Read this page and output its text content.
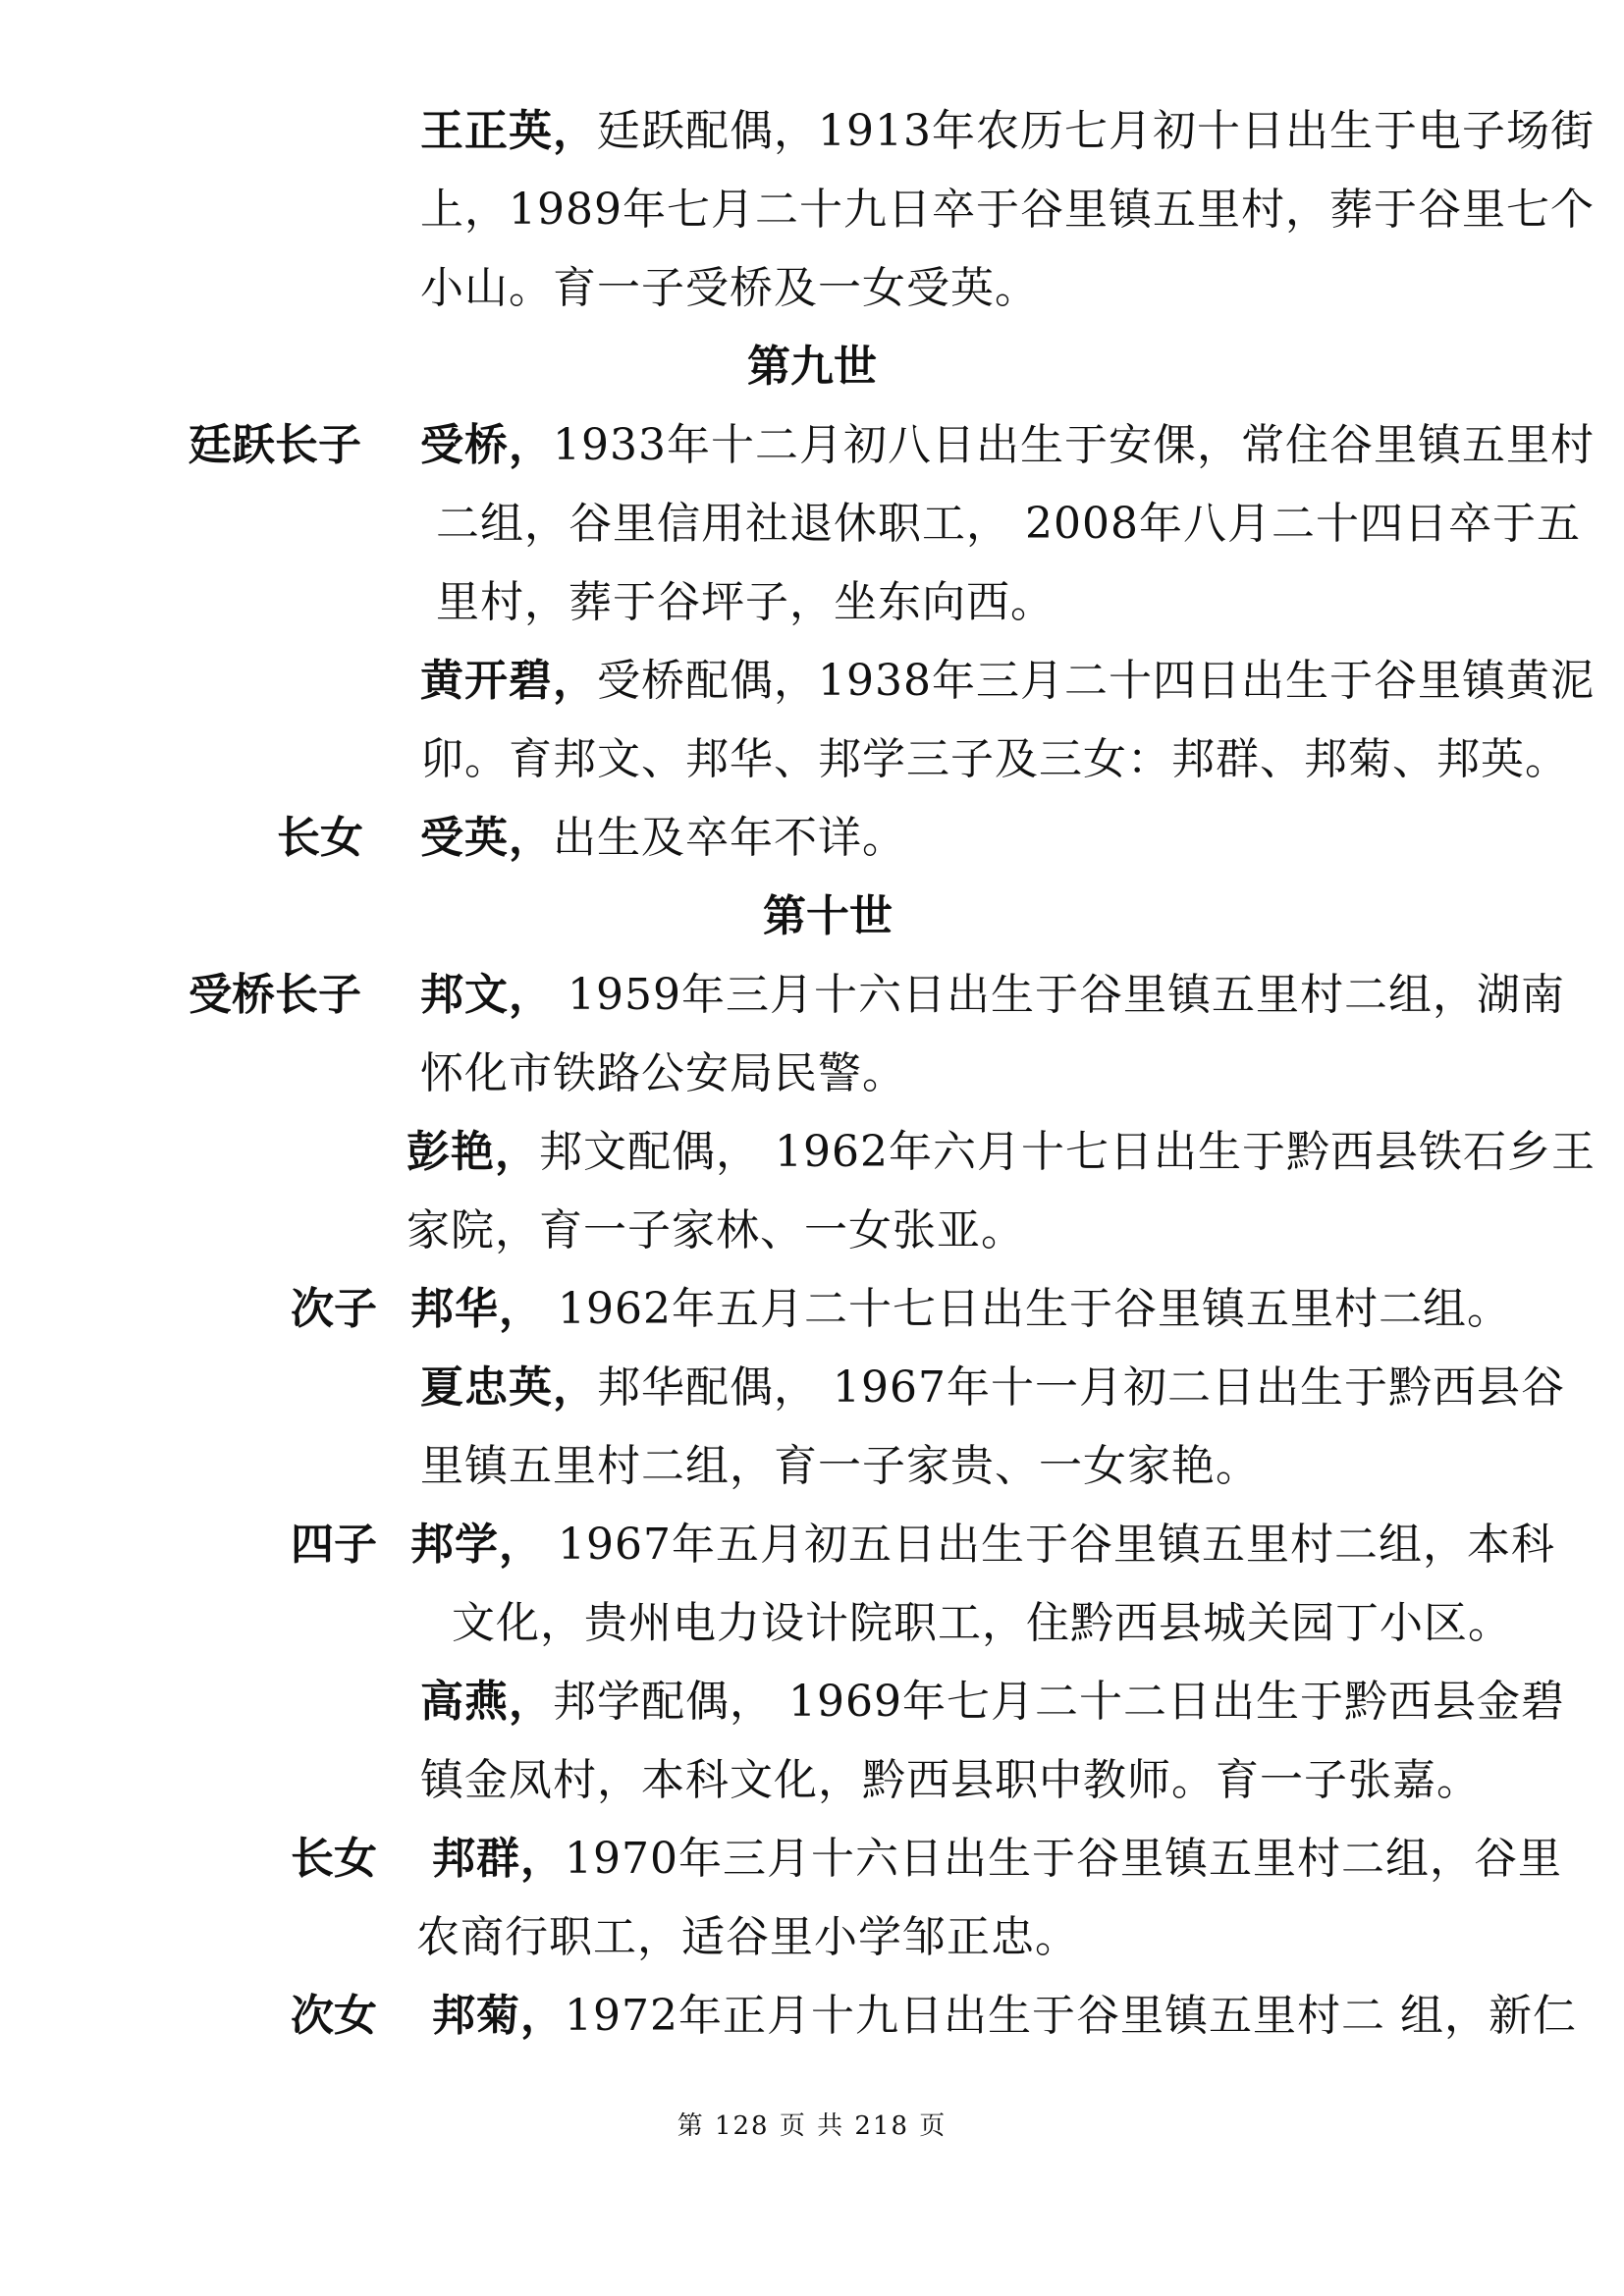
王正英，廷跃配偶，1913年农历七月初十日出生于电子场街
上，1989年七月二十九日卒于谷里镇五里村，葬于谷里七个
小山。育一子受桥及一女受英。
第九世
廷跃长子 受桥，1933年十二月初八日出生于安倮，常住谷里镇五里村
二组，谷里信用社退休职工， 2008年八月二十四日卒于五
里村，葬于谷坪子，坐东向西。
黄开碧，受桥配偶，1938年三月二十四日出生于谷里镇黄泥
卯。育邦文、邦华、邦学三子及三女：邦群、邦菊、邦英。
长女 受英，出生及卒年不详。
第十世
受桥长子 邦文， 1959年三月十六日出生于谷里镇五里村二组，湖南
怀化市铁路公安局民警。
彭艳，邦文配偶， 1962年六月十七日出生于黔西县铁石乡王
家院，育一子家林、一女张亚。
次子 邦华， 1962年五月二十七日出生于谷里镇五里村二组。
夏忠英，邦华配偶， 1967年十一月初二日出生于黔西县谷
里镇五里村二组，育一子家贵、一女家艳。
四子 邦学， 1967年五月初五日出生于谷里镇五里村二组，本科
文化，贵州电力设计院职工，住黔西县城关园丁小区。
高燕，邦学配偶， 1969年七月二十二日出生于黔西县金碧
镇金凤村，本科文化，黔西县职中教师。育一子张嘉。
长女 邦群，1970年三月十六日出生于谷里镇五里村二组，谷里
农商行职工，适谷里小学邹正忠。
次女 邦菊，1972年正月十九日出生于谷里镇五里村二 组，新仁
第 128 页 共 218 页
